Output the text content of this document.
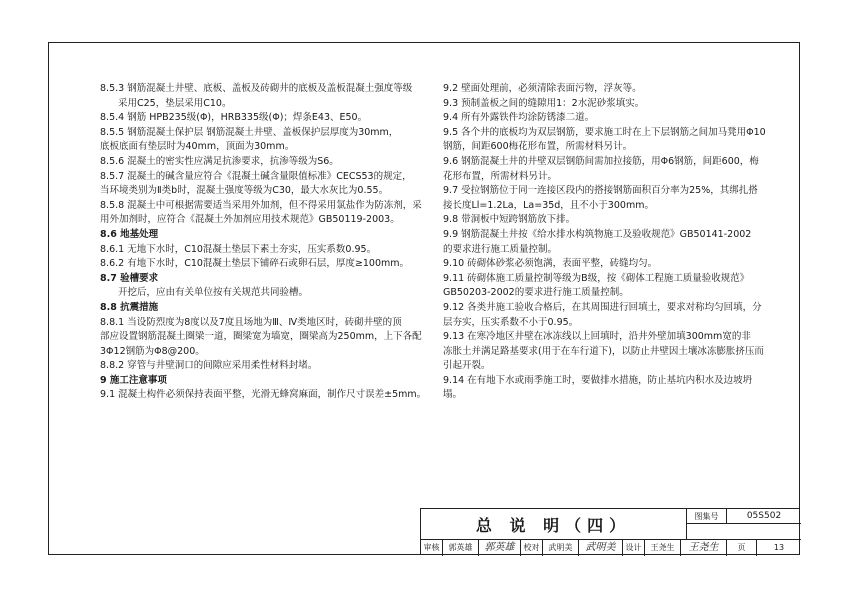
8.5.3 钢筋混凝土井壁、底板、盖板及砖砌井的底板及盖板混凝土强度等级

采用C25，垫层采用C10。

8.5.4 钢筋 HPB235级(Φ)，HRB335级(Φ)；焊条E43、E50。

8.5.5 钢筋混凝土保护层 钢筋混凝土井壁、盖板保护层厚度为30mm，

底板底面有垫层时为40mm，顶面为30mm。

8.5.6 混凝土的密实性应满足抗渗要求，抗渗等级为S6。

8.5.7 混凝土的碱含量应符合《混凝土碱含量限值标准》CECS53的规定，

当环境类别为Ⅱ类b时，混凝土强度等级为C30，最大水灰比为0.55。

8.5.8 混凝土中可根据需要适当采用外加剂，但不得采用氯盐作为防冻剂，采

用外加剂时，应符合《混凝土外加剂应用技术规范》GB50119-2003。

8.6 地基处理

8.6.1 无地下水时，C10混凝土垫层下素土夯实，压实系数0.95。

8.6.2 有地下水时，C10混凝土垫层下铺碎石或卵石层，厚度≥100mm。

8.7 验槽要求

开挖后，应由有关单位按有关规范共同验槽。

8.8 抗震措施

8.8.1 当设防烈度为8度以及7度且场地为Ⅲ、Ⅳ类地区时，砖砌井壁的顶

部应设置钢筋混凝土圈梁一道，圈梁宽为墙宽，圈梁高为250mm，上下各配

3Φ12钢筋为Φ8@200。

8.8.2 穿管与井壁洞口的间隙应采用柔性材料封堵。

9 施工注意事项

9.1 混凝土构件必须保持表面平整，光滑无蜂窝麻面，制作尺寸误差±5mm。

9.2 壁面处理前，必须清除表面污物，浮灰等。

9.3 预制盖板之间的缝隙用1：2水泥砂浆填实。

9.4 所有外露铁件均涂防锈漆二道。

9.5 各个井的底板均为双层钢筋，要求施工时在上下层钢筋之间加马凳用Φ10

钢筋，间距600梅花形布置，所需材料另计。

9.6 钢筋混凝土井的井壁双层钢筋间需加拉接筋，用Φ6钢筋，间距600，梅

花形布置，所需材料另计。

9.7 受拉钢筋位于同一连接区段内的搭接钢筋面积百分率为25%，其绑扎搭

接长度Ll=1.2La，La=35d，且不小于300mm。

9.8 带洞板中短跨钢筋放下排。

9.9 钢筋混凝土井按《给水排水构筑物施工及验收规范》GB50141-2002

的要求进行施工质量控制。

9.10 砖砌体砂浆必须饱满，表面平整，砖缝均匀。

9.11 砖砌体施工质量控制等级为B级，按《砌体工程施工质量验收规范》

GB50203-2002的要求进行施工质量控制。

9.12 各类井施工验收合格后，在其周围进行回填土，要求对称均匀回填，分

层夯实，压实系数不小于0.95。

9.13 在寒冷地区井壁在冰冻线以上回填时，沿井外壁加填300mm宽的非

冻胀土并满足路基要求(用于在车行道下)，以防止井壁因土壤冰冻膨胀挤压而

引起开裂。

9.14 在有地下水或雨季施工时，要做排水措施，防止基坑内积水及边坡坍

塌。

总 说 明（四）	图集号	05S502
审核	郭英雄	郭英雄	校对	武明美	武明美	设计	王尧生	王尧生	页	13
